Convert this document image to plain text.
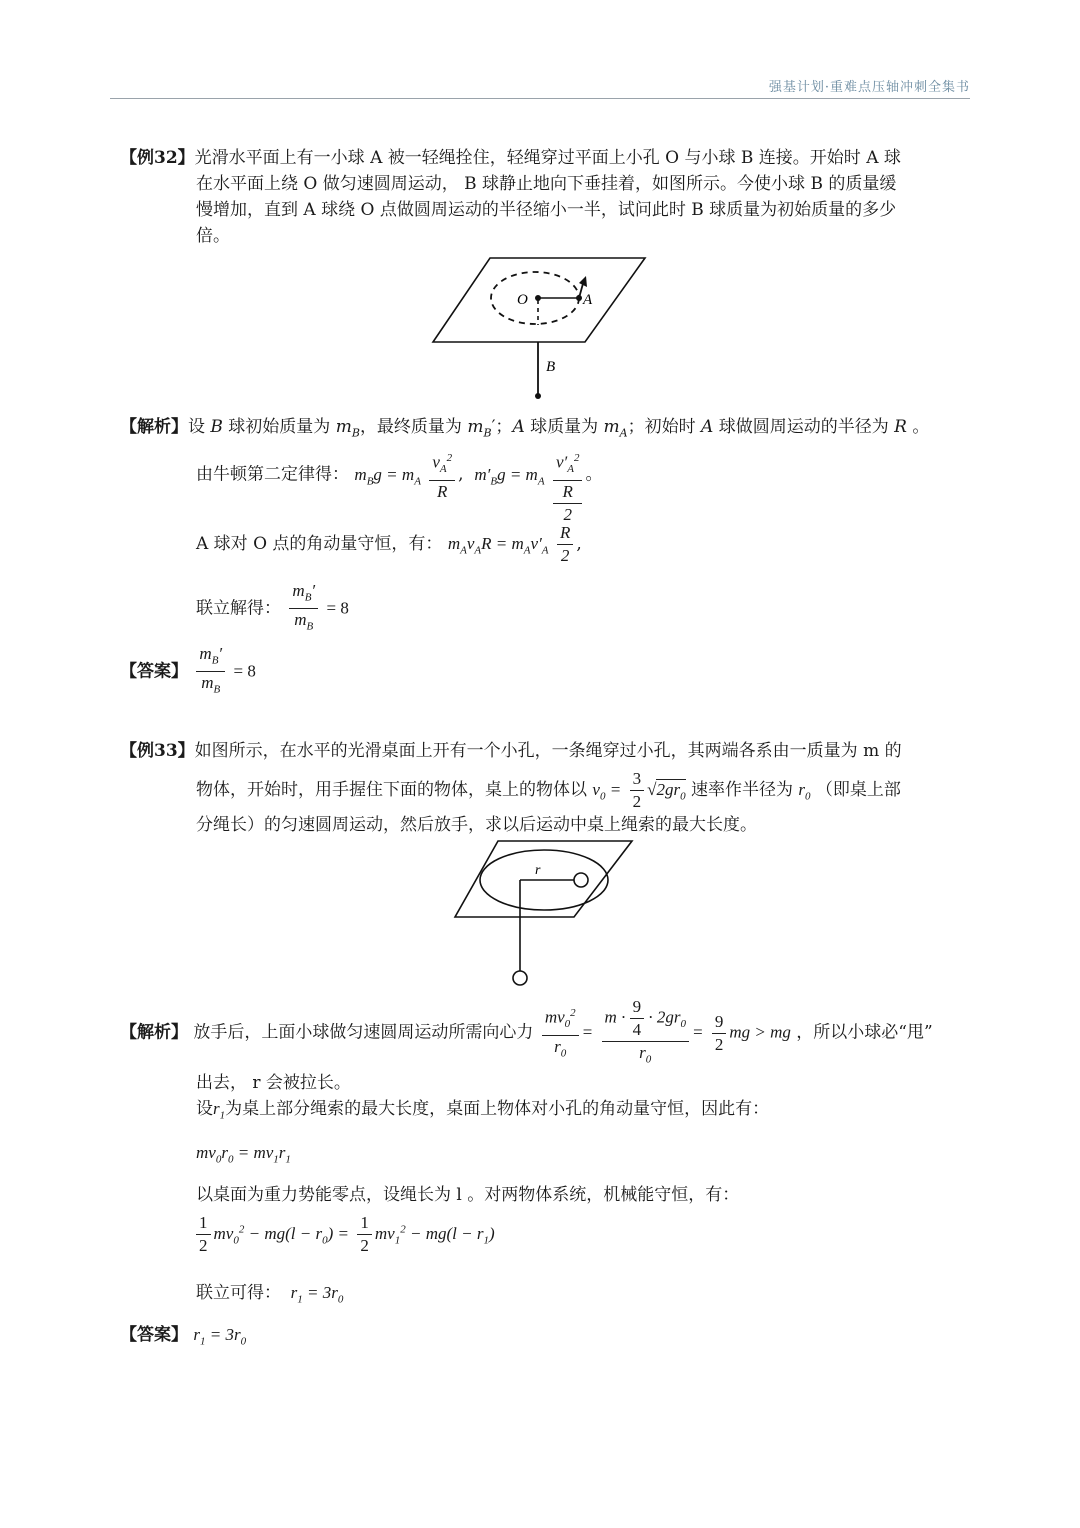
强基计划·重难点压轴冲刺全集书
【例32】光滑水平面上有一小球 A 被一轻绳拴住，轻绳穿过平面上小孔 O 与小球 B 连接。开始时 A 球
在水平面上绕 O 做匀速圆周运动， B 球静止地向下垂挂着，如图所示。今使小球 B 的质量缓
慢增加，直到 A 球绕 O 点做圆周运动的半径缩小一半，试问此时 B 球质量为初始质量的多少
倍。
O	A
B
【解析】设 B 球初始质量为 $m_B$，最终质量为 $m_B'$；A 球质量为 $m_A$；初始时 A 球做圆周运动的半径为 R 。
由牛顿第二定律得： $m_Bg = m_A \frac{v_A^2}{R}$ ,  $m'_Bg = m_A$
$v'_A^2$
R
2
。
A 球对 O 点的角动量守恒，有： $m_Av_AR = m_Av'_A \frac{R}{2}$ ,
联立解得： $\frac{m_B'}{m_B} = 8$
【答案】 $\frac{m_B'}{m_B} = 8$
【例33】如图所示，在水平的光滑桌面上开有一个小孔，一条绳穿过小孔，其两端各系由一质量为 m 的
物体，开始时，用手握住下面的物体，桌上的物体以 $v_0 = \frac{3}{2} √2gr_0$ 速率作半径为 $r_0$ （即桌上部
分绳长）的匀速圆周运动，然后放手，求以后运动中桌上绳索的最大长度。
r
【解析】 放手后，上面小球做匀速圆周运动所需向心力 $\frac{mv_0^2}{r_0} = \frac{m \cdot \frac{9}{4} \cdot 2gr_0}{r_0} = \frac{9}{2}$ mg > mg ，所以小球必“甩”
出去， r 会被拉长。
设$r_1$为桌上部分绳索的最大长度，桌面上物体对小孔的角动量守恒，因此有：
$mv_0r_0 = mv_1r_1$
以桌面为重力势能零点，设绳长为 l 。对两物体系统，机械能守恒，有：
$\frac{1}{2} mv_0^2 - mg(l - r_0) = \frac{1}{2} mv_1^2 - mg(l - r_1)$
联立可得： $r_1 = 3r_0$
【答案】 $r_1 = 3r_0$
